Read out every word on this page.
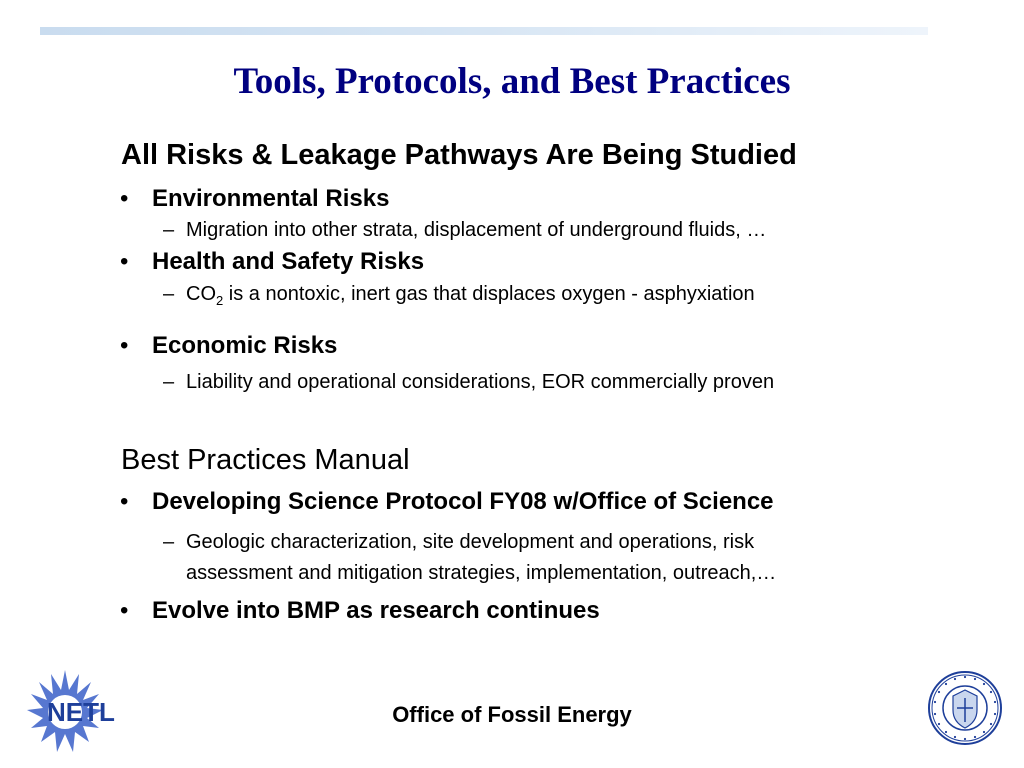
Tools, Protocols, and Best Practices
All Risks & Leakage Pathways Are Being Studied
• Environmental Risks
– Migration into other strata, displacement of underground fluids, …
• Health and Safety Risks
– $CO_2$ is a nontoxic, inert gas that displaces oxygen - asphyxiation
• Economic Risks
– Liability and operational considerations, EOR commercially proven
Best Practices Manual
• Developing Science Protocol FY08 w/Office of Science
– Geologic characterization, site development and operations, risk
assessment and mitigation strategies, implementation, outreach,…
• Evolve into BMP as research continues
Office of Fossil Energy
NETL
